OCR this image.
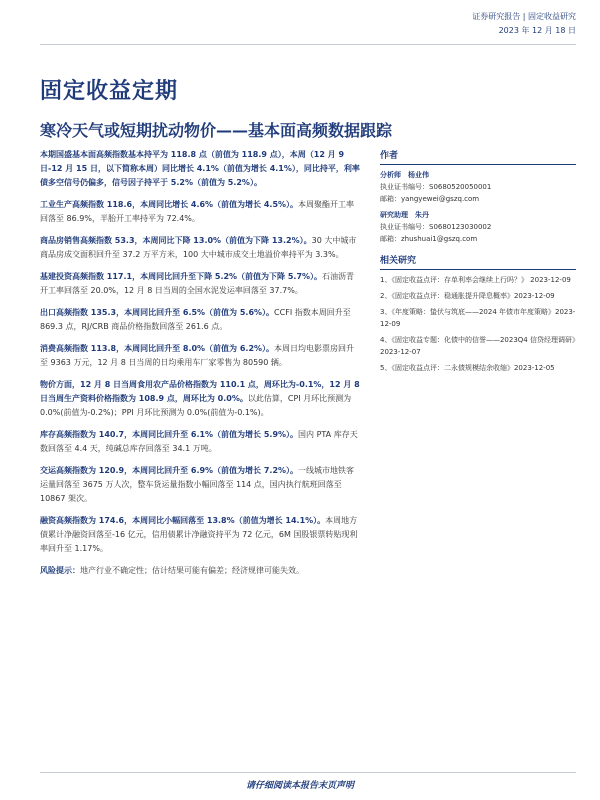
证券研究报告 | 固定收益研究
2023 年 12 月 18 日
固定收益定期
寒冷天气或短期扰动物价——基本面高频数据跟踪

本期国盛基本面高频指数基本持平为 118.8 点（前值为 118.9 点），本周（12 月 9 日-12 月 15 日，以下简称本周）同比增长 4.1%（前值为增长 4.1%），同比持平，利率债多空信号仍偏多，信号因子持平于 5.2%（前值为 5.2%）。

工业生产高频指数 118.6，本周同比增长 4.6%（前值为增长 4.5%）。本周聚酯开工率回落至 86.9%，半胎开工率持平为 72.4%。

商品房销售高频指数 53.3，本周同比下降 13.0%（前值为下降 13.2%）。30 大中城市商品房成交面积回升至 37.2 万平方米，100 大中城市成交土地溢价率持平为 3.3%。

基建投资高频指数 117.1，本周同比回升至下降 5.2%（前值为下降 5.7%）。石油沥青开工率回落至 20.0%，12 月 8 日当周的全国水泥发运率回落至 37.7%。

出口高频指数 135.3，本周同比回升至 6.5%（前值为 5.6%）。CCFI 指数本周回升至 869.3 点，RJ/CRB 商品价格指数回落至 261.6 点。

消费高频指数 113.8，本周同比回升至 8.0%（前值为 6.2%）。本周日均电影票房回升至 9363 万元，12 月 8 日当周的日均乘用车厂家零售为 80590 辆。

物价方面，12 月 8 日当周食用农产品价格指数为 110.1 点，周环比为-0.1%，12 月 8 日当周生产资料价格指数为 108.9 点，周环比为 0.0%。以此估算，CPI 月环比预测为 0.0%(前值为-0.2%)；PPI 月环比预测为 0.0%(前值为-0.1%)。

库存高频指数为 140.7，本周同比回升至 6.1%（前值为增长 5.9%）。国内 PTA 库存天数回落至 4.4 天，纯碱总库存回落至 34.1 万吨。

交运高频指数为 120.9，本周同比回升至 6.9%（前值为增长 7.2%）。一线城市地铁客运量回落至 3675 万人次，整车货运量指数小幅回落至 114 点，国内执行航班回落至 10867 架次。

融资高频指数为 174.6，本周同比小幅回落至 13.8%（前值为增长 14.1%）。本周地方债累计净融资回落至-16 亿元，信用债累计净融资持平为 72 亿元，6M 国股银票转贴现利率回升至 1.17%。

风险提示：地产行业不确定性；估计结果可能有偏差；经济规律可能失效。

作者
分析师　杨业伟
执业证书编号：S0680520050001
邮箱：yangyewei@gszq.com
研究助理　朱丹
执业证书编号：S0680123030002
邮箱：zhushuai1@gszq.com
相关研究
1、《固定收益点评：存单利率会继续上行吗？》 2023-12-09
2、《固定收益点评：稳通胀提升降息概率》2023-12-09
3、《年度策略：蛰伏与筑底——2024 年债市年度策略》2023-12-09
4、《固定收益专题：化债中的信誉——2023Q4 信贷经理调研》2023-12-07
5、《固定收益点评：二永债规模结余收缩》2023-12-05
请仔细阅读本报告末页声明
